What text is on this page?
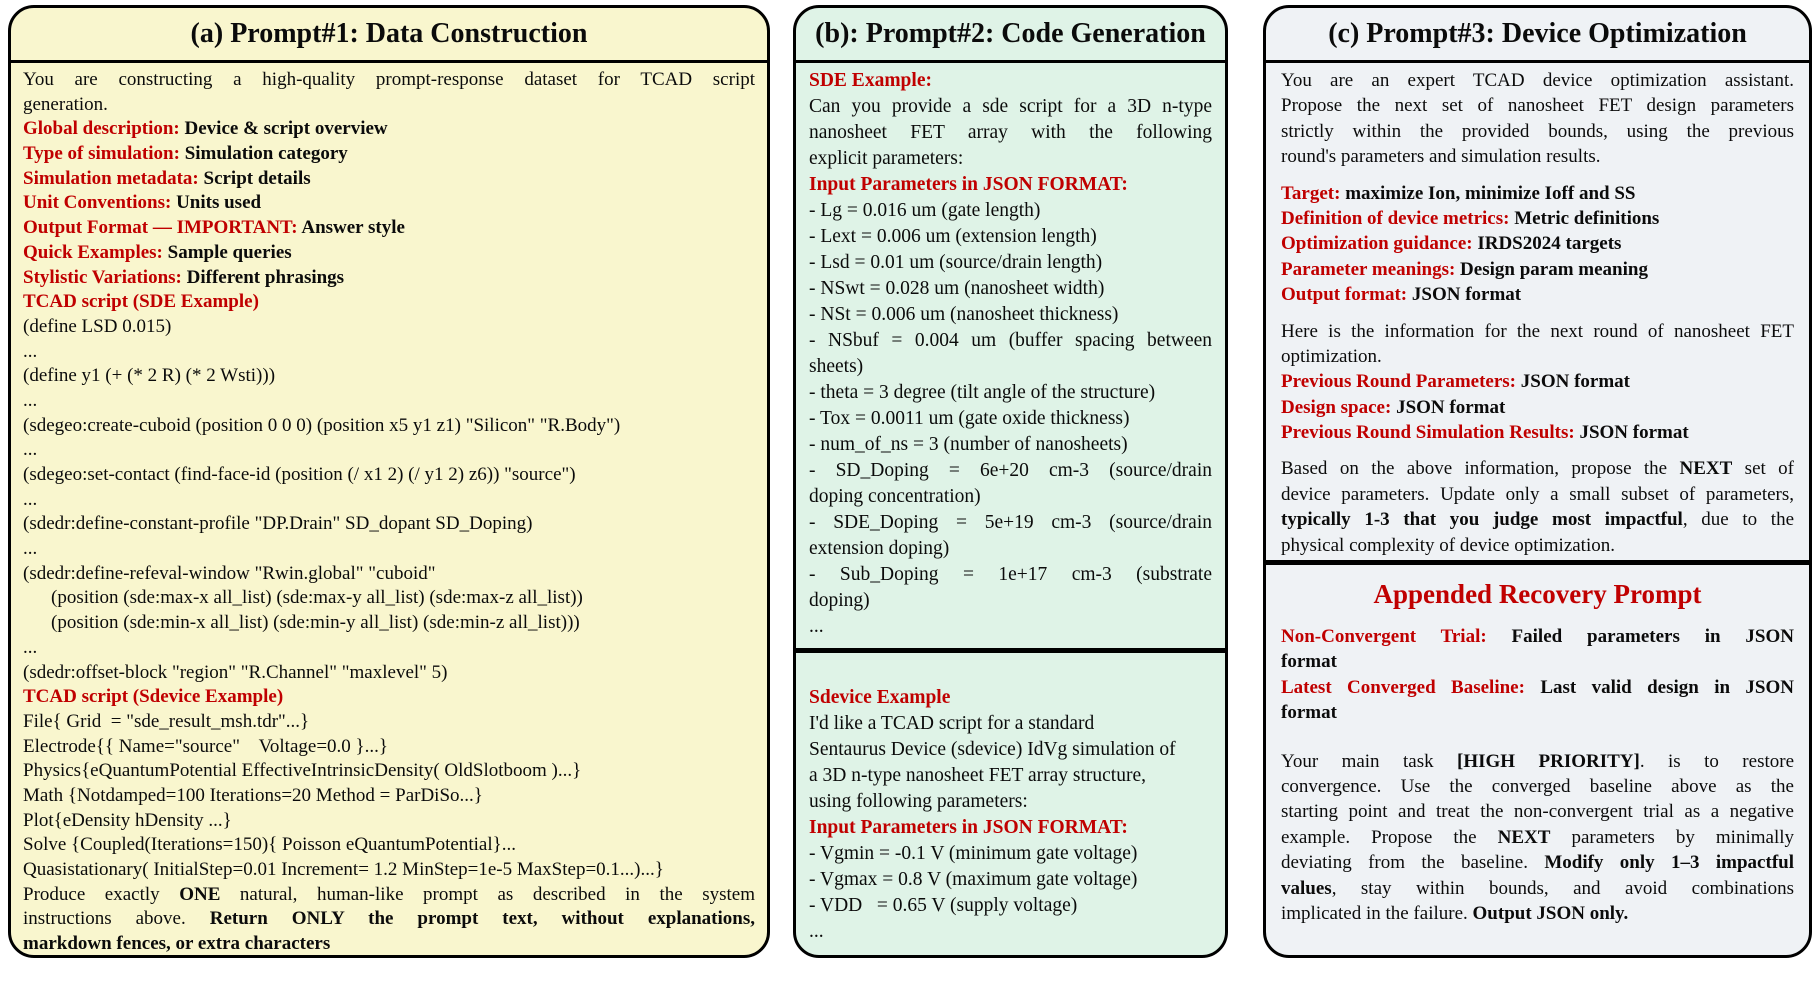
(a) Prompt#1: Data Construction
You are constructing a high-quality prompt-response dataset for TCAD script
generation.
Global description: Device & script overview
Type of simulation: Simulation category
Simulation metadata: Script details
Unit Conventions: Units used
Output Format — IMPORTANT: Answer style
Quick Examples: Sample queries
Stylistic Variations: Different phrasings
TCAD script (SDE Example)
(define LSD 0.015)
...
(define y1 (+ (* 2 R) (* 2 Wsti)))
...
(sdegeo:create-cuboid (position 0 0 0) (position x5 y1 z1) "Silicon" "R.Body")
...
(sdegeo:set-contact (find-face-id (position (/ x1 2) (/ y1 2) z6)) "source")
...
(sdedr:define-constant-profile "DP.Drain" SD_dopant SD_Doping)
...
(sdedr:define-refeval-window "Rwin.global" "cuboid"
(position (sde:max-x all_list) (sde:max-y all_list) (sde:max-z all_list))
(position (sde:min-x all_list) (sde:min-y all_list) (sde:min-z all_list)))
...
(sdedr:offset-block "region" "R.Channel" "maxlevel" 5)
TCAD script (Sdevice Example)
File{ Grid  = "sde_result_msh.tdr"...}
Electrode{{ Name="source"    Voltage=0.0 }...}
Physics{eQuantumPotential EffectiveIntrinsicDensity( OldSlotboom )...}
Math {Notdamped=100 Iterations=20 Method = ParDiSo...}
Plot{eDensity hDensity ...}
Solve {Coupled(Iterations=150){ Poisson eQuantumPotential}...
Quasistationary( InitialStep=0.01 Increment= 1.2 MinStep=1e-5 MaxStep=0.1...)...}
Produce exactly ONE natural, human-like prompt as described in the system
instructions above. Return ONLY the prompt text, without explanations,
markdown fences, or extra characters
(b): Prompt#2: Code Generation
SDE Example:
Can you provide a sde script for a 3D n-type
nanosheet FET array with the following
explicit parameters:
Input Parameters in JSON FORMAT:
- Lg = 0.016 um (gate length)
- Lext = 0.006 um (extension length)
- Lsd = 0.01 um (source/drain length)
- NSwt = 0.028 um (nanosheet width)
- NSt = 0.006 um (nanosheet thickness)
- NSbuf = 0.004 um (buffer spacing between
sheets)
- theta = 3 degree (tilt angle of the structure)
- Tox = 0.0011 um (gate oxide thickness)
- num_of_ns = 3 (number of nanosheets)
- SD_Doping = 6e+20 cm-3 (source/drain
doping concentration)
- SDE_Doping = 5e+19 cm-3 (source/drain
extension doping)
- Sub_Doping = 1e+17 cm-3 (substrate
doping)
...
Sdevice Example
I'd like a TCAD script for a standard
Sentaurus Device (sdevice) IdVg simulation of
a 3D n-type nanosheet FET array structure,
using following parameters:
Input Parameters in JSON FORMAT:
- Vgmin = -0.1 V (minimum gate voltage)
- Vgmax = 0.8 V (maximum gate voltage)
- VDD   = 0.65 V (supply voltage)
...
(c) Prompt#3: Device Optimization
You are an expert TCAD device optimization assistant.
Propose the next set of nanosheet FET design parameters
strictly within the provided bounds, using the previous
round's parameters and simulation results.
Target: maximize Ion, minimize Ioff and SS
Definition of device metrics: Metric definitions
Optimization guidance: IRDS2024 targets
Parameter meanings: Design param meaning
Output format: JSON format
Here is the information for the next round of nanosheet FET
optimization.
Previous Round Parameters: JSON format
Design space: JSON format
Previous Round Simulation Results: JSON format
Based on the above information, propose the NEXT set of
device parameters. Update only a small subset of parameters,
typically 1-3 that you judge most impactful, due to the
physical complexity of device optimization.
Appended Recovery Prompt
Non-Convergent Trial: Failed parameters in JSON
format
Latest Converged Baseline: Last valid design in JSON
format
Your main task [HIGH PRIORITY]. is to restore
convergence. Use the converged baseline above as the
starting point and treat the non-convergent trial as a negative
example. Propose the NEXT parameters by minimally
deviating from the baseline. Modify only 1–3 impactful
values, stay within bounds, and avoid combinations
implicated in the failure. Output JSON only.
